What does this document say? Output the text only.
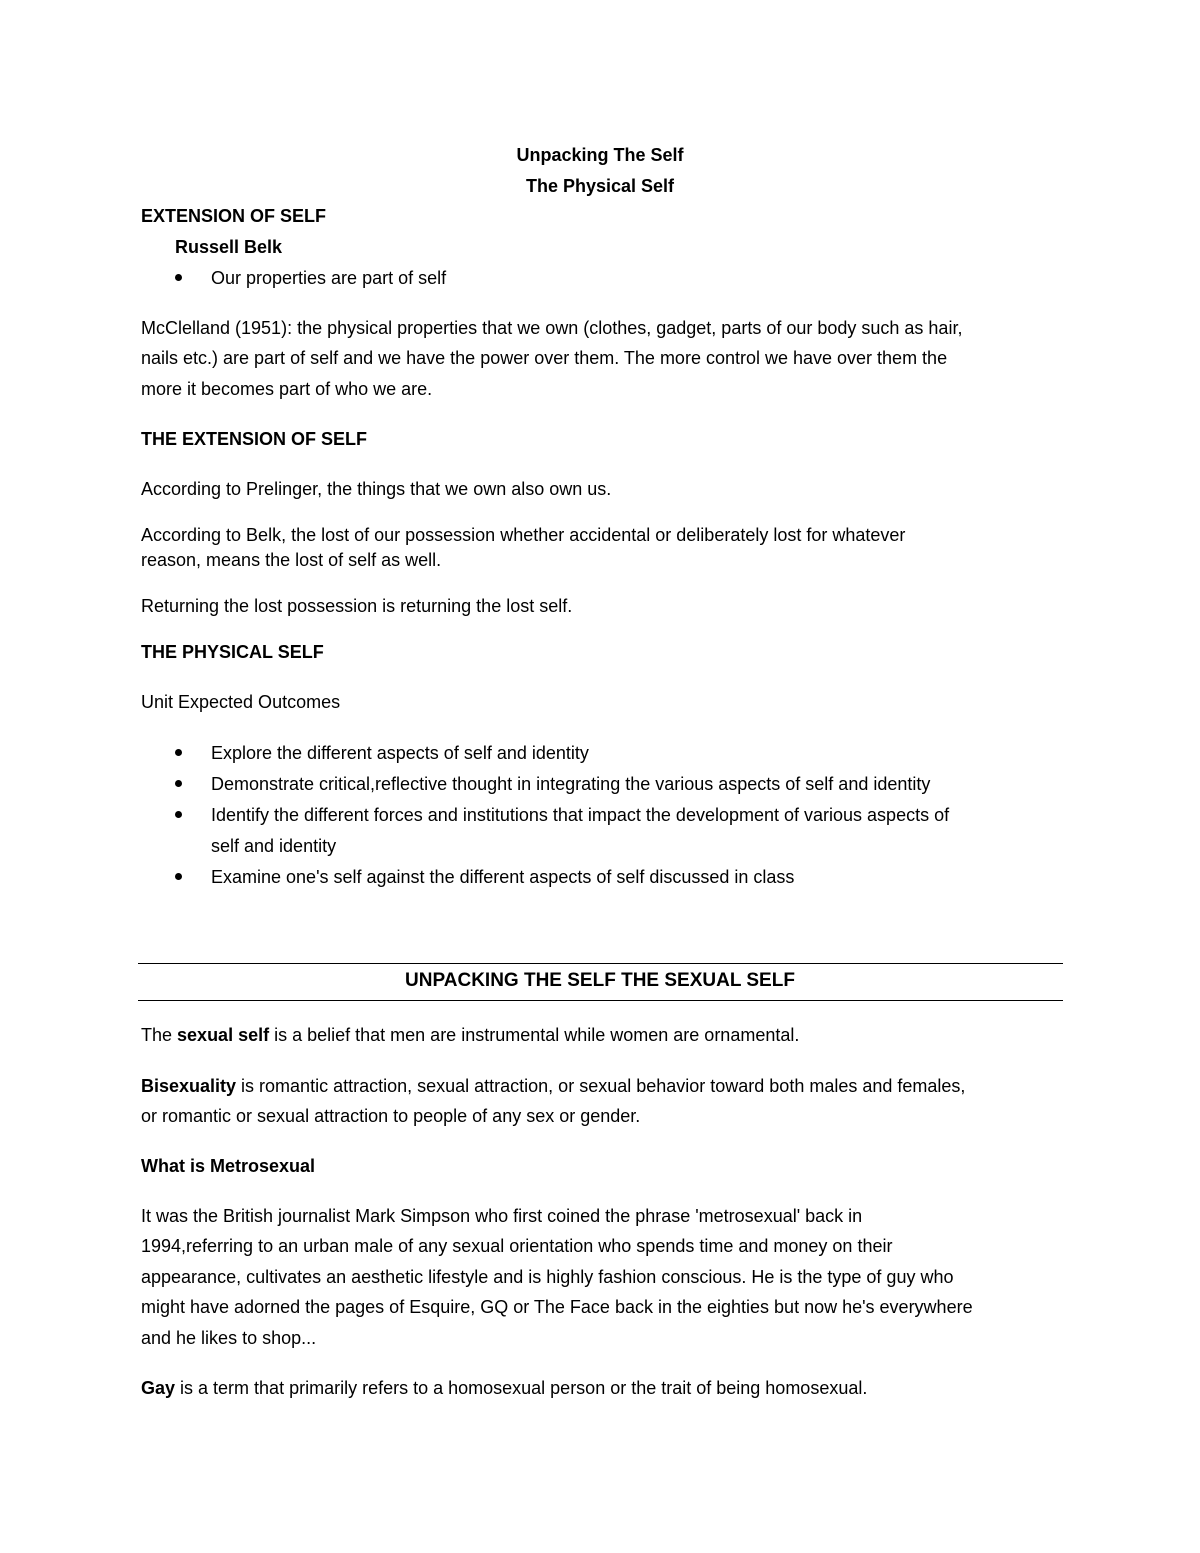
Unpacking The Self

The Physical Self

EXTENSION OF SELF

Russell Belk

Our properties are part of self

McClelland (1951): the physical properties that we own (clothes, gadget, parts of our body such as hair,

nails etc.) are part of self and we have the power over them. The more control we have over them the

more it becomes part of who we are.

THE EXTENSION OF SELF

According to Prelinger, the things that we own also own us.

According to Belk, the lost of our possession whether accidental or deliberately lost for whatever

reason, means the lost of self as well.

Returning the lost possession is returning the lost self.

THE PHYSICAL SELF

Unit Expected Outcomes

Explore the different aspects of self and identity

Demonstrate critical,reflective thought in integrating the various aspects of self and identity

Identify the different forces and institutions that impact the development of various aspects of

self and identity

Examine one's self against the different aspects of self discussed in class

UNPACKING THE SELF THE SEXUAL SELF

The sexual self is a belief that men are instrumental while women are ornamental.

Bisexuality is romantic attraction, sexual attraction, or sexual behavior toward both males and females,

or romantic or sexual attraction to people of any sex or gender.

What is Metrosexual

It was the British journalist Mark Simpson who first coined the phrase 'metrosexual' back in

1994,referring to an urban male of any sexual orientation who spends time and money on their

appearance, cultivates an aesthetic lifestyle and is highly fashion conscious. He is the type of guy who

might have adorned the pages of Esquire, GQ or The Face back in the eighties but now he's everywhere

and he likes to shop...

Gay is a term that primarily refers to a homosexual person or the trait of being homosexual.
